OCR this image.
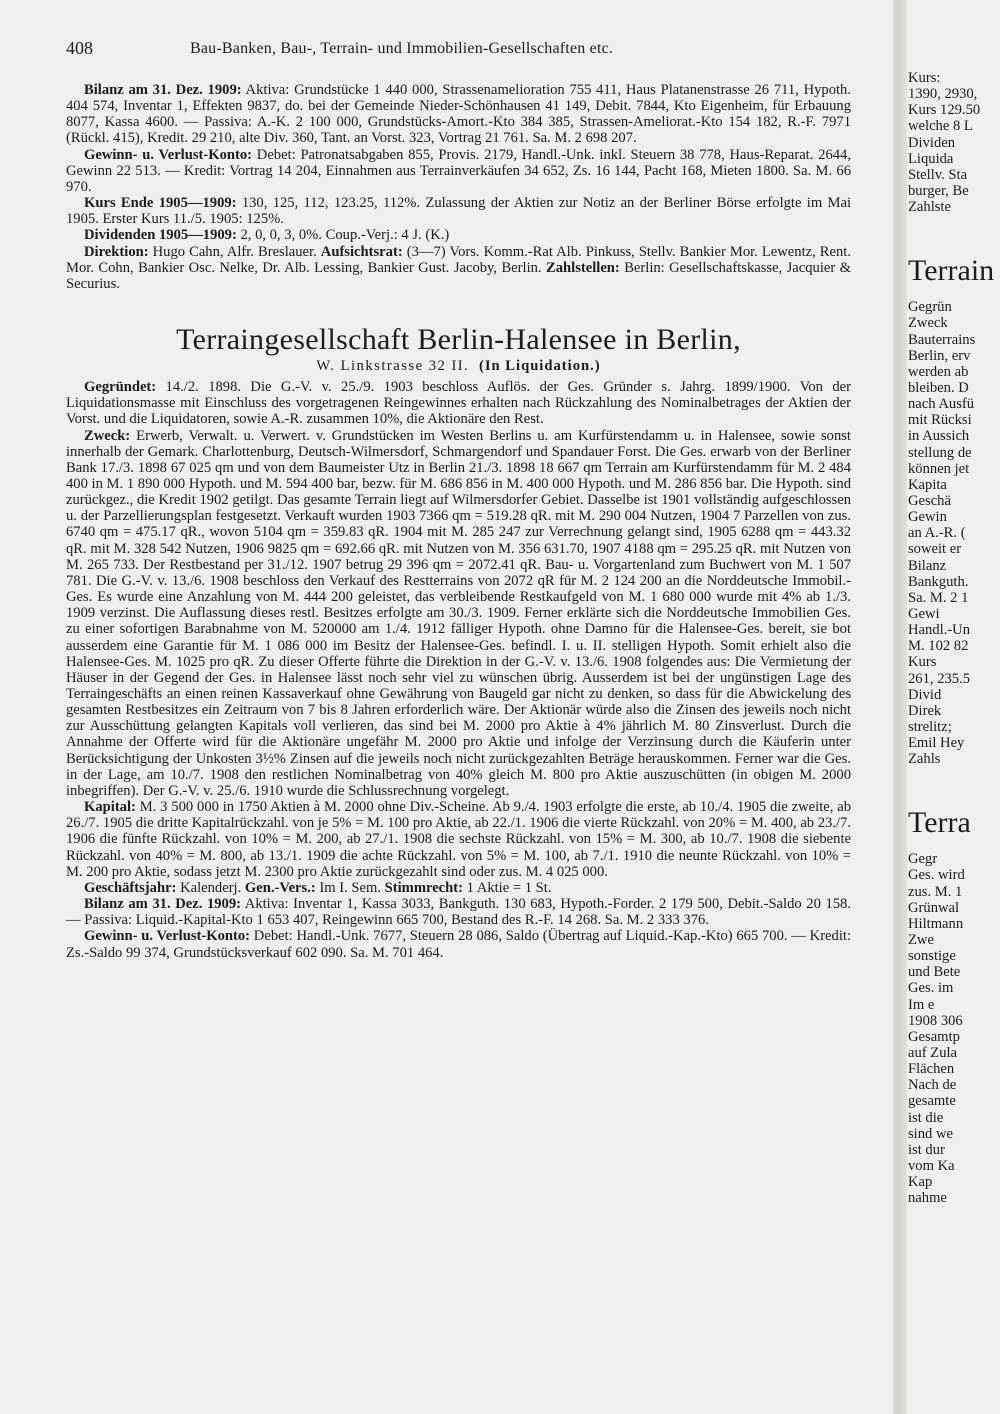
408	Bau-Banken, Bau-, Terrain- und Immobilien-Gesellschaften etc.

Bilanz am 31. Dez. 1909: Aktiva: Grundstücke 1 440 000, Strassenamelioration 755 411, Haus Platanenstrasse 26 711, Hypoth. 404 574, Inventar 1, Effekten 9837, do. bei der Gemeinde Nieder-Schönhausen 41 149, Debit. 7844, Kto Eigenheim, für Erbauung 8077, Kassa 4600. — Passiva: A.-K. 2 100 000, Grundstücks-Amort.-Kto 384 385, Strassen-Ameliorat.-Kto 154 182, R.-F. 7971 (Rückl. 415), Kredit. 29 210, alte Div. 360, Tant. an Vorst. 323, Vortrag 21 761. Sa. M. 2 698 207.

Gewinn- u. Verlust-Konto: Debet: Patronatsabgaben 855, Provis. 2179, Handl.-Unk. inkl. Steuern 38 778, Haus-Reparat. 2644, Gewinn 22 513. — Kredit: Vortrag 14 204, Einnahmen aus Terrainverkäufen 34 652, Zs. 16 144, Pacht 168, Mieten 1800. Sa. M. 66 970.

Kurs Ende 1905—1909: 130, 125, 112, 123.25, 112%. Zulassung der Aktien zur Notiz an der Berliner Börse erfolgte im Mai 1905. Erster Kurs 11./5. 1905: 125%.

Dividenden 1905—1909: 2, 0, 0, 3, 0%. Coup.-Verj.: 4 J. (K.)

Direktion: Hugo Cahn, Alfr. Breslauer. Aufsichtsrat: (3—7) Vors. Komm.-Rat Alb. Pinkuss, Stellv. Bankier Mor. Lewentz, Rent. Mor. Cohn, Bankier Osc. Nelke, Dr. Alb. Lessing, Bankier Gust. Jacoby, Berlin. Zahlstellen: Berlin: Gesellschaftskasse, Jacquier & Securius.

Terraingesellschaft Berlin-Halensee in Berlin,
W. Linkstrasse 32 II. (In Liquidation.)

Gegründet: 14./2. 1898. Die G.-V. v. 25./9. 1903 beschloss Auflös. der Ges. Gründer s. Jahrg. 1899/1900. Von der Liquidationsmasse mit Einschluss des vorgetragenen Reingewinnes erhalten nach Rückzahlung des Nominalbetrages der Aktien der Vorst. und die Liquidatoren, sowie A.-R. zusammen 10%, die Aktionäre den Rest.

Zweck: Erwerb, Verwalt. u. Verwert. v. Grundstücken im Westen Berlins u. am Kurfürstendamm u. in Halensee, sowie sonst innerhalb der Gemark. Charlottenburg, Deutsch-Wilmersdorf, Schmargendorf und Spandauer Forst. Die Ges. erwarb von der Berliner Bank 17./3. 1898 67 025 qm und von dem Baumeister Utz in Berlin 21./3. 1898 18 667 qm Terrain am Kurfürstendamm für M. 2 484 400 in M. 1 890 000 Hypoth. und M. 594 400 bar, bezw. für M. 686 856 in M. 400 000 Hypoth. und M. 286 856 bar. Die Hypoth. sind zurückgez., die Kredit 1902 getilgt. Das gesamte Terrain liegt auf Wilmersdorfer Gebiet. Dasselbe ist 1901 vollständig aufgeschlossen u. der Parzellierungsplan festgesetzt. Verkauft wurden 1903 7366 qm = 519.28 qR. mit M. 290 004 Nutzen, 1904 7 Parzellen von zus. 6740 qm = 475.17 qR., wovon 5104 qm = 359.83 qR. 1904 mit M. 285 247 zur Verrechnung gelangt sind, 1905 6288 qm = 443.32 qR. mit M. 328 542 Nutzen, 1906 9825 qm = 692.66 qR. mit Nutzen von M. 356 631.70, 1907 4188 qm = 295.25 qR. mit Nutzen von M. 265 733. Der Restbestand per 31./12. 1907 betrug 29 396 qm = 2072.41 qR. Bau- u. Vorgartenland zum Buchwert von M. 1 507 781. Die G.-V. v. 13./6. 1908 beschloss den Verkauf des Restterrains von 2072 qR für M. 2 124 200 an die Norddeutsche Immobil.-Ges. Es wurde eine Anzahlung von M. 444 200 geleistet, das verbleibende Restkaufgeld von M. 1 680 000 wurde mit 4% ab 1./3. 1909 verzinst. Die Auflassung dieses restl. Besitzes erfolgte am 30./3. 1909. Ferner erklärte sich die Norddeutsche Immobilien Ges. zu einer sofortigen Barabnahme von M. 520000 am 1./4. 1912 fälliger Hypoth. ohne Damno für die Halensee-Ges. bereit, sie bot ausserdem eine Garantie für M. 1 086 000 im Besitz der Halensee-Ges. befindl. I. u. II. stelligen Hypoth. Somit erhielt also die Halensee-Ges. M. 1025 pro qR. Zu dieser Offerte führte die Direktion in der G.-V. v. 13./6. 1908 folgendes aus: Die Vermietung der Häuser in der Gegend der Ges. in Halensee lässt noch sehr viel zu wünschen übrig. Ausserdem ist bei der ungünstigen Lage des Terraingeschäfts an einen reinen Kassaverkauf ohne Gewährung von Baugeld gar nicht zu denken, so dass für die Abwickelung des gesamten Restbesitzes ein Zeitraum von 7 bis 8 Jahren erforderlich wäre. Der Aktionär würde also die Zinsen des jeweils noch nicht zur Ausschüttung gelangten Kapitals voll verlieren, das sind bei M. 2000 pro Aktie à 4% jährlich M. 80 Zinsverlust. Durch die Annahme der Offerte wird für die Aktionäre ungefähr M. 2000 pro Aktie und infolge der Verzinsung durch die Käuferin unter Berücksichtigung der Unkosten 3½% Zinsen auf die jeweils noch nicht zurückgezahlten Beträge herauskommen. Ferner war die Ges. in der Lage, am 10./7. 1908 den restlichen Nominalbetrag von 40% gleich M. 800 pro Aktie auszuschütten (in obigen M. 2000 inbegriffen). Der G.-V. v. 25./6. 1910 wurde die Schlussrechnung vorgelegt.

Kapital: M. 3 500 000 in 1750 Aktien à M. 2000 ohne Div.-Scheine. Ab 9./4. 1903 erfolgte die erste, ab 10./4. 1905 die zweite, ab 26./7. 1905 die dritte Kapitalrückzahl. von je 5% = M. 100 pro Aktie, ab 22./1. 1906 die vierte Rückzahl. von 20% = M. 400, ab 23./7. 1906 die fünfte Rückzahl. von 10% = M. 200, ab 27./1. 1908 die sechste Rückzahl. von 15% = M. 300, ab 10./7. 1908 die siebente Rückzahl. von 40% = M. 800, ab 13./1. 1909 die achte Rückzahl. von 5% = M. 100, ab 7./1. 1910 die neunte Rückzahl. von 10% = M. 200 pro Aktie, sodass jetzt M. 2300 pro Aktie zurückgezahlt sind oder zus. M. 4 025 000.

Geschäftsjahr: Kalenderj. Gen.-Vers.: Im I. Sem. Stimmrecht: 1 Aktie = 1 St.

Bilanz am 31. Dez. 1909: Aktiva: Inventar 1, Kassa 3033, Bankguth. 130 683, Hypoth.-Forder. 2 179 500, Debit.-Saldo 20 158. — Passiva: Liquid.-Kapital-Kto 1 653 407, Reingewinn 665 700, Bestand des R.-F. 14 268. Sa. M. 2 333 376.

Gewinn- u. Verlust-Konto: Debet: Handl.-Unk. 7677, Steuern 28 086, Saldo (Übertrag auf Liquid.-Kap.-Kto) 665 700. — Kredit: Zs.-Saldo 99 374, Grundstücksverkauf 602 090. Sa. M. 701 464.

Kurs:
1390, 2930,
Kurs 129.50
welche 8 L
Dividen
Liquida
Stellv. Sta
burger, Be
Zahlste
Terrain
Gegrün
Zweck
Bauterrains
Berlin, erv
werden ab
bleiben. D
nach Ausfü
mit Rücksi
in Aussich
stellung de
können jet
Kapita
Geschä
Gewin
an A.-R. (
soweit er
Bilanz
Bankguth.
Sa. M. 2 1
Gewi
Handl.-Un
M. 102 82
Kurs
261, 235.5
Divid
Direk
strelitz;
Emil Hey
Zahls
Terra
Gegr
Ges. wird
zus. M. 1
Grünwal
Hiltmann
Zwe
sonstige
und Bete
Ges. im
Im e
1908 306
Gesamtp
auf Zula
Flächen
Nach de
gesamte
ist die
sind we
ist dur
vom Ka
Kap
nahme
